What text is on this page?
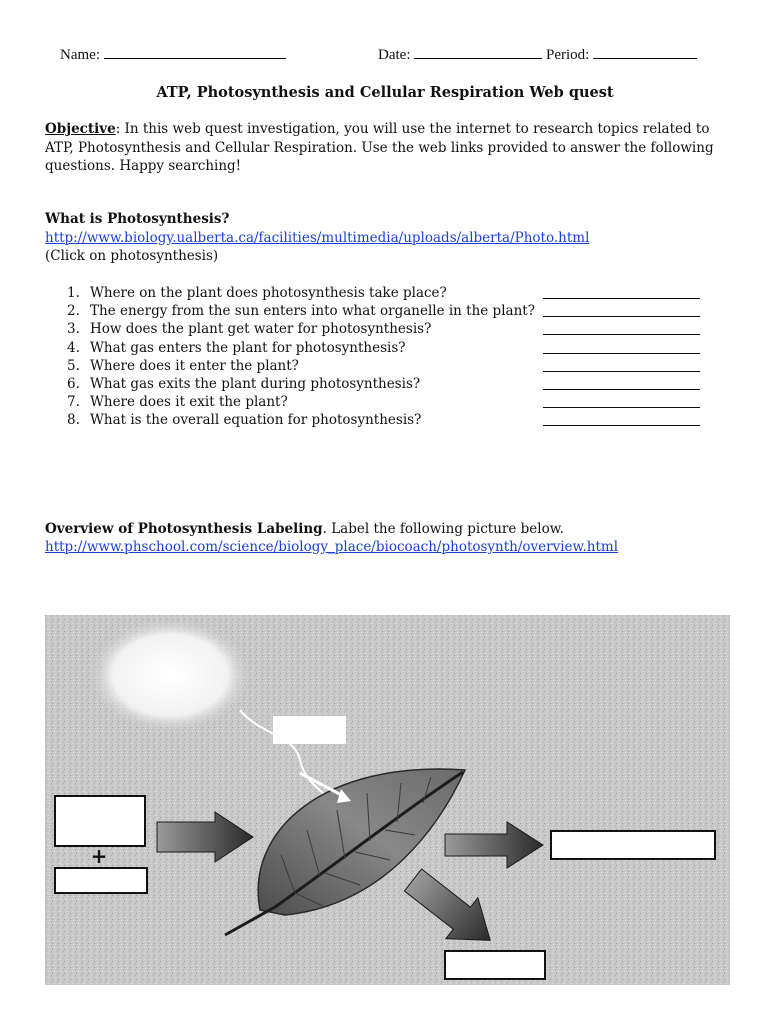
Name:	Date:	Period:
ATP, Photosynthesis and Cellular Respiration Web quest
Objective: In this web quest investigation, you will use the internet to research topics related to ATP, Photosynthesis and Cellular Respiration. Use the web links provided to answer the following questions. Happy searching!
What is Photosynthesis?
http://www.biology.ualberta.ca/facilities/multimedia/uploads/alberta/Photo.html
(Click on photosynthesis)
1. Where on the plant does photosynthesis take place?
2. The energy from the sun enters into what organelle in the plant?
3. How does the plant get water for photosynthesis?
4. What gas enters the plant for photosynthesis?
5. Where does it enter the plant?
6. What gas exits the plant during photosynthesis?
7. Where does it exit the plant?
8. What is the overall equation for photosynthesis?
Overview of Photosynthesis Labeling. Label the following picture below.
http://www.phschool.com/science/biology_place/biocoach/photosynth/overview.html
+
